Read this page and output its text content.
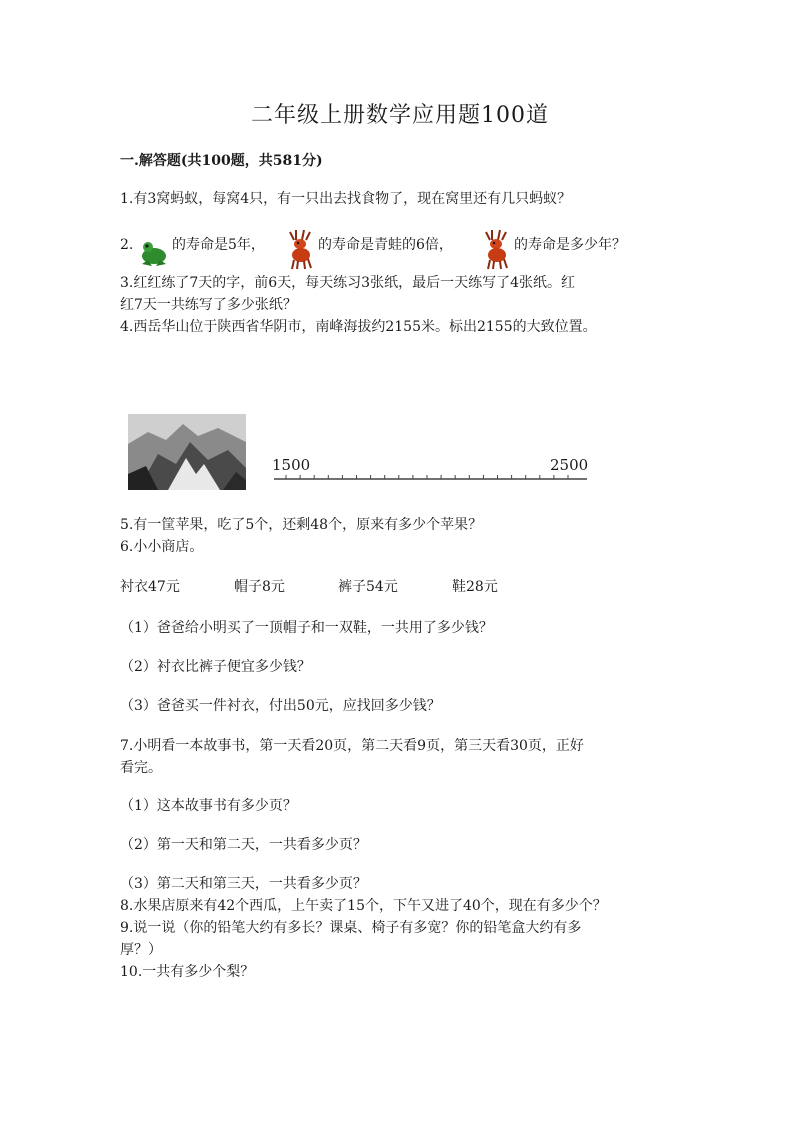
二年级上册数学应用题100道
一.解答题(共100题，共581分)
1.有3窝蚂蚁，每窝4只，有一只出去找食物了，现在窝里还有几只蚂蚁？
2.	的寿命是5年，	的寿命是青蛙的6倍，	的寿命是多少年？
3.红红练了7天的字，前6天，每天练习3张纸，最后一天练写了4张纸。红
红7天一共练写了多少张纸？
4.西岳华山位于陕西省华阴市，南峰海拔约2155米。标出2155的大致位置。
1500	2500
5.有一筐苹果，吃了5个，还剩48个，原来有多少个苹果？
6.小小商店。
衬衣47元	帽子8元	裤子54元	鞋28元
（1）爸爸给小明买了一顶帽子和一双鞋，一共用了多少钱？
（2）衬衣比裤子便宜多少钱？
（3）爸爸买一件衬衣，付出50元，应找回多少钱？
7.小明看一本故事书，第一天看20页，第二天看9页，第三天看30页，正好
看完。
（1）这本故事书有多少页？
（2）第一天和第二天，一共看多少页？
（3）第二天和第三天，一共看多少页？
8.水果店原来有42个西瓜，上午卖了15个，下午又进了40个，现在有多少个？
9.说一说（你的铅笔大约有多长？课桌、椅子有多宽？你的铅笔盒大约有多
厚？）
10.一共有多少个梨？
